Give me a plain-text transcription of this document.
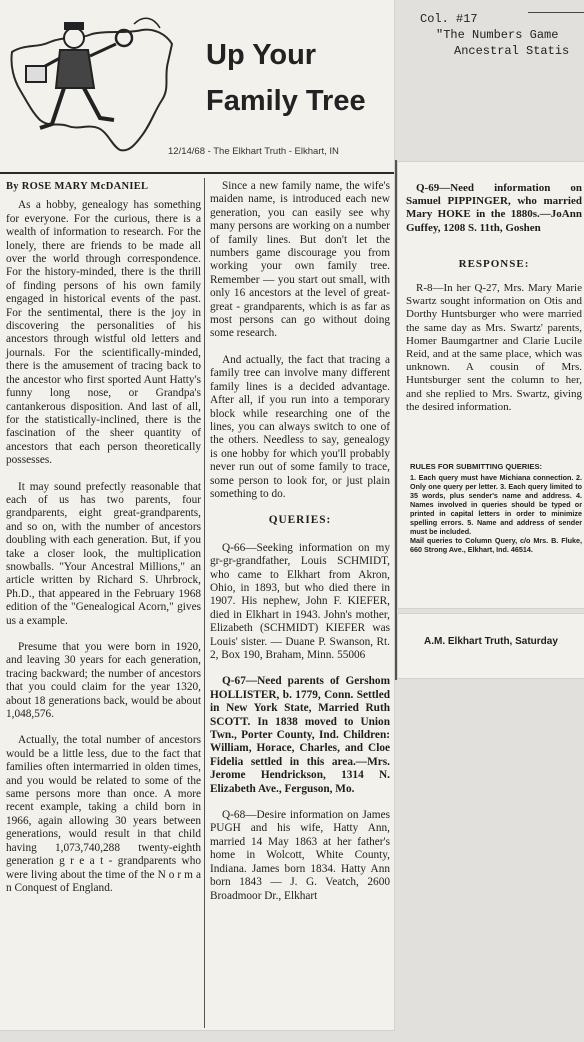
Col. #17
"The Numbers Game
Ancestral Statis
Up Your
Family Tree
12/14/68 - The Elkhart Truth - Elkhart, IN

By ROSE MARY McDANIEL

As a hobby, genealogy has something for everyone. For the curious, there is a wealth of information to research. For the lonely, there are friends to be made all over the world through correspondence. For the history-minded, there is the thrill of finding persons of his own family engaged in historical events of the past. For the sentimental, there is the joy in discovering the personalities of his ancestors through wistful old letters and journals. For the scientifically-minded, there is the amusement of tracing back to the ancestor who first sported Aunt Hatty's funny long nose, or Grandpa's cantankerous disposition. And last of all, for the statistically-inclined, there is the fascination of the sheer quantity of ancestors that each person theoretically possesses.

It may sound prefectly reasonable that each of us has two parents, four grandparents, eight great-grandparents, and so on, with the number of ancestors doubling with each generation. But, if you take a closer look, the multiplication snowballs. "Your Ancestral Millions," an article written by Richard S. Uhrbrock, Ph.D., that appeared in the February 1968 edition of the "Genealogical Acorn," gives us a example.

Presume that you were born in 1920, and leaving 30 years for each generation, tracing backward; the number of ancestors that you could claim for the year 1320, about 18 generations back, would be about 1,048,576.

Actually, the total number of ancestors would be a little less, due to the fact that families often intermarried in olden times, and you would be related to some of the same persons more than once. A more recent example, taking a child born in 1966, again allowing 30 years between generations, would result in that child having 1,073,740,288 twenty-eighth generation g r e a t - grandparents who were living about the time of the N o r m a n Conquest of England.

Since a new family name, the wife's maiden name, is introduced each new generation, you can easily see why many persons are working on a number of family lines. But don't let the numbers game discourage you from working your own family tree. Remember — you start out small, with only 16 ancestors at the level of great-great - grandparents, which is as far as most persons can go without doing some research.

And actually, the fact that tracing a family tree can involve many different family lines is a decided advantage. After all, if you run into a temporary block while researching one of the lines, you can always switch to one of the others. Needless to say, genealogy is one hobby for which you'll probably never run out of some family to trace, some person to look for, or just plain something to do.

QUERIES:

Q-66—Seeking information on my gr-gr-grandfather, Louis SCHMIDT, who came to Elkhart from Akron, Ohio, in 1893, but who died there in 1907. His nephew, John F. KIEFER, died in Elkhart in 1943. John's mother, Elizabeth (SCHMIDT) KIEFER was Louis' sister. — Duane P. Swanson, Rt. 2, Box 190, Braham, Minn. 55006

Q-67—Need parents of Gershom HOLLISTER, b. 1779, Conn. Settled in New York State, Married Ruth SCOTT. In 1838 moved to Union Twn., Porter County, Ind. Children: William, Horace, Charles, and Cloe Fidelia settled in this area.—Mrs. Jerome Hendrickson, 1314 N. Elizabeth Ave., Ferguson, Mo.

Q-68—Desire information on James PUGH and his wife, Hatty Ann, married 14 May 1863 at her father's home in Wolcott, White County, Indiana. James born 1834. Hatty Ann born 1843 — J. G. Veatch, 2600 Broadmoor Dr., Elkhart

Q-69—Need information on Samuel PIPPINGER, who married Mary HOKE in the 1880s.—JoAnn Guffey, 1208 S. 11th, Goshen

RESPONSE:

R-8—In her Q-27, Mrs. Mary Marie Swartz sought information on Otis and Dorthy Huntsburger who were married the same day as Mrs. Swartz' parents, Homer Baumgartner and Clarie Lucile Reid, and at the same place, which was unknown. A cousin of Mrs. Huntsburger sent the column to her, and she replied to Mrs. Swartz, giving the desired information.

RULES FOR SUBMITTING QUERIES:
1. Each query must have Michiana connection. 2. Only one query per letter. 3. Each query limited to 35 words, plus sender's name and address. 4. Names involved in queries should be typed or printed in capital letters in order to minimize spelling errors. 5. Name and address of sender must be included.
Mail queries to Column Query, c/o Mrs. B. Fluke, 660 Strong Ave., Elkhart, Ind. 46514.
A.M. Elkhart Truth, Saturday
